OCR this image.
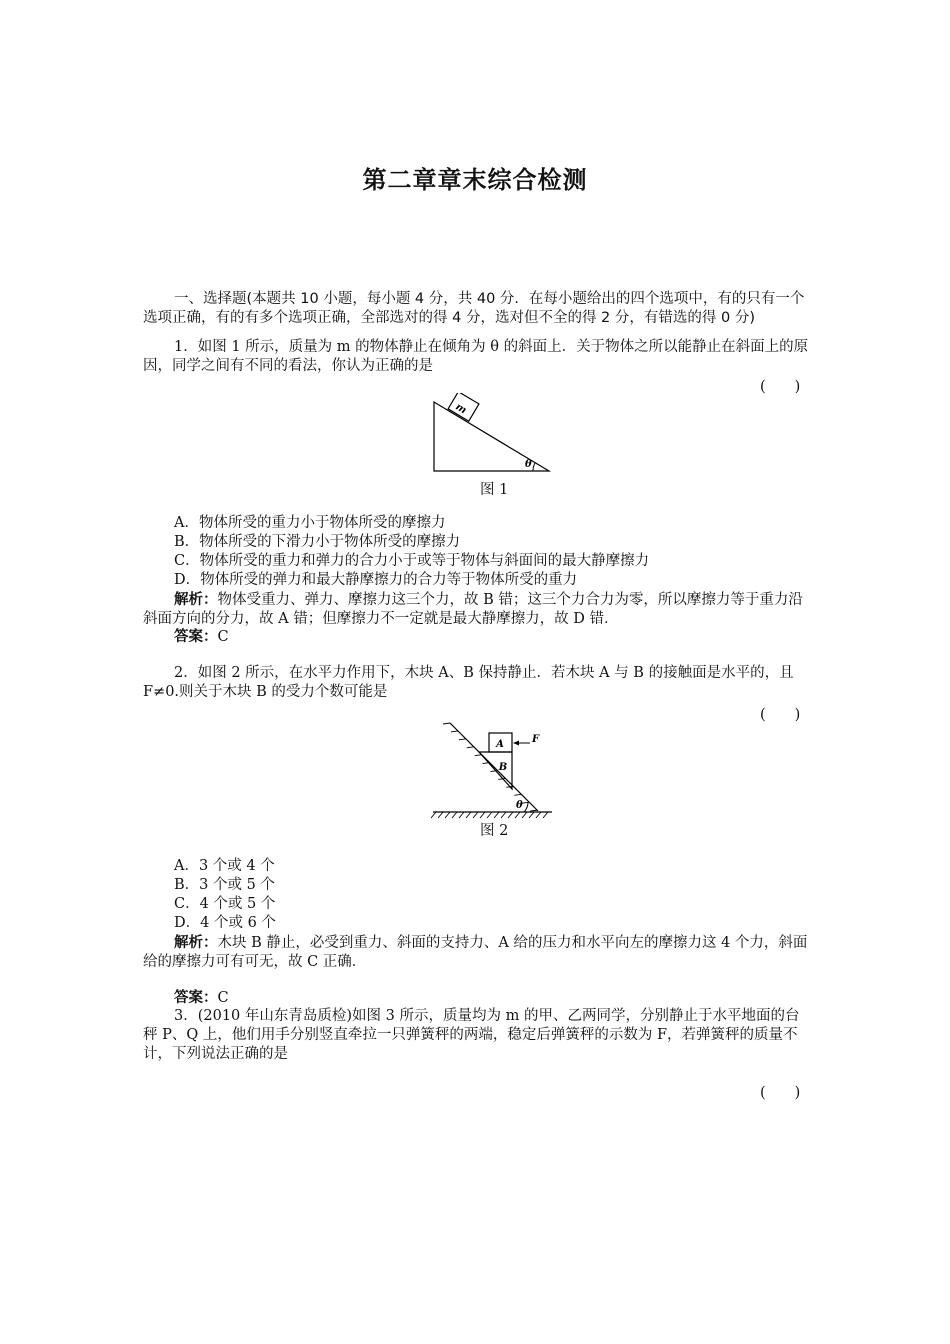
第二章章末综合检测
一、选择题(本题共 10 小题，每小题 4 分，共 40 分．在每小题给出的四个选项中，有的只有一个选项正确，有的有多个选项正确，全部选对的得 4 分，选对但不全的得 2 分，有错选的得 0 分)
1．如图 1 所示，质量为 m 的物体静止在倾角为 θ 的斜面上．关于物体之所以能静止在斜面上的原因，同学之间有不同的看法，你认为正确的是
(　　)
m
θ
图 1
A．物体所受的重力小于物体所受的摩擦力
B．物体所受的下滑力小于物体所受的摩擦力
C．物体所受的重力和弹力的合力小于或等于物体与斜面间的最大静摩擦力
D．物体所受的弹力和最大静摩擦力的合力等于物体所受的重力
解析：物体受重力、弹力、摩擦力这三个力，故 B 错；这三个力合力为零，所以摩擦力等于重力沿斜面方向的分力，故 A 错；但摩擦力不一定就是最大静摩擦力，故 D 错．
答案：C
2．如图 2 所示，在水平力作用下，木块 A、B 保持静止．若木块 A 与 B 的接触面是水平的，且 F≠0.则关于木块 B 的受力个数可能是
(　　)
A
B
F
θ
图 2
A．3 个或 4 个
B．3 个或 5 个
C．4 个或 5 个
D．4 个或 6 个
解析：木块 B 静止，必受到重力、斜面的支持力、A 给的压力和水平向左的摩擦力这 4 个力，斜面给的摩擦力可有可无，故 C 正确．
答案：C
3．(2010 年山东青岛质检)如图 3 所示，质量均为 m 的甲、乙两同学，分别静止于水平地面的台秤 P、Q 上，他们用手分别竖直牵拉一只弹簧秤的两端，稳定后弹簧秤的示数为 F，若弹簧秤的质量不计，下列说法正确的是
(　　)
